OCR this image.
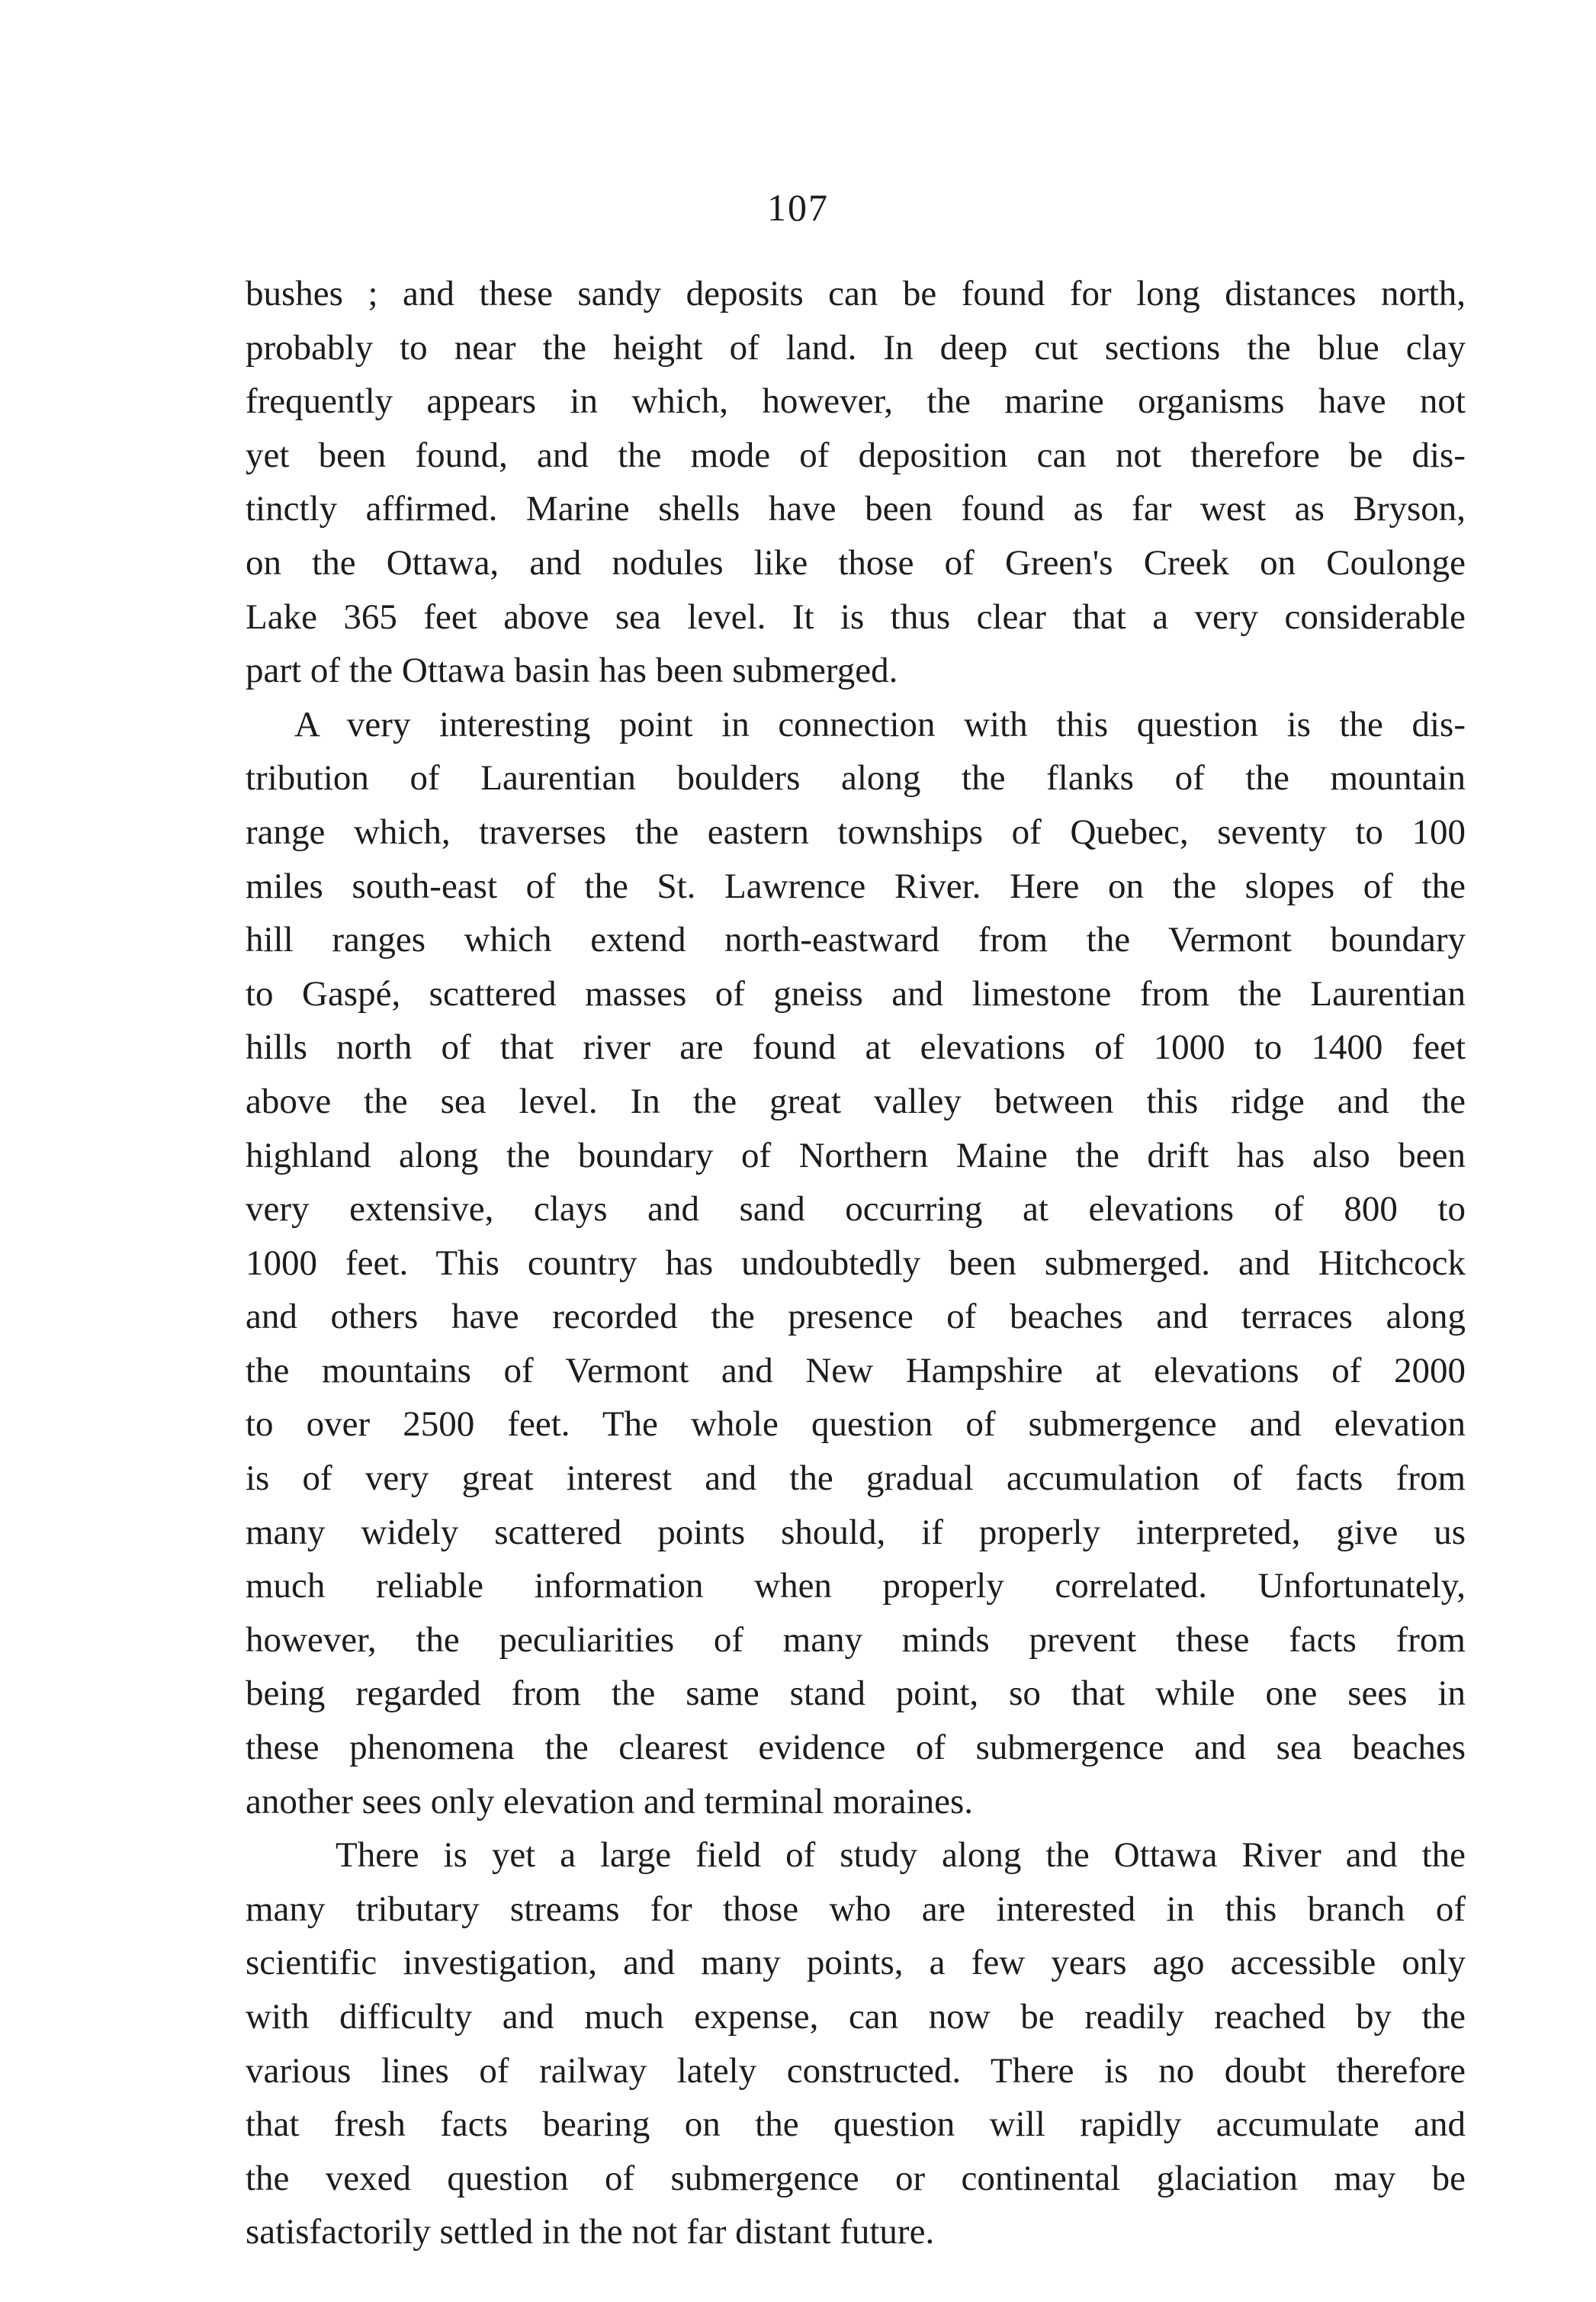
107
bushes ; and these sandy deposits can be found for long distances north,
probably to near the height of land. In deep cut sections the blue clay
frequently appears in which, however, the marine organisms have not
yet been found, and the mode of deposition can not therefore be dis-
tinctly affirmed. Marine shells have been found as far west as Bryson,
on the Ottawa, and nodules like those of Green's Creek on Coulonge
Lake 365 feet above sea level. It is thus clear that a very considerable
part of the Ottawa basin has been submerged.
A very interesting point in connection with this question is the dis-
tribution of Laurentian boulders along the flanks of the mountain
range which, traverses the eastern townships of Quebec, seventy to 100
miles south-east of the St. Lawrence River. Here on the slopes of the
hill ranges which extend north-eastward from the Vermont boundary
to Gaspé, scattered masses of gneiss and limestone from the Laurentian
hills north of that river are found at elevations of 1000 to 1400 feet
above the sea level. In the great valley between this ridge and the
highland along the boundary of Northern Maine the drift has also been
very extensive, clays and sand occurring at elevations of 800 to
1000 feet. This country has undoubtedly been submerged. and Hitchcock
and others have recorded the presence of beaches and terraces along
the mountains of Vermont and New Hampshire at elevations of 2000
to over 2500 feet. The whole question of submergence and elevation
is of very great interest and the gradual accumulation of facts from
many widely scattered points should, if properly interpreted, give us
much reliable information when properly correlated. Unfortunately,
however, the peculiarities of many minds prevent these facts from
being regarded from the same stand point, so that while one sees in
these phenomena the clearest evidence of submergence and sea beaches
another sees only elevation and terminal moraines.
There is yet a large field of study along the Ottawa River and the
many tributary streams for those who are interested in this branch of
scientific investigation, and many points, a few years ago accessible only
with difficulty and much expense, can now be readily reached by the
various lines of railway lately constructed. There is no doubt therefore
that fresh facts bearing on the question will rapidly accumulate and
the vexed question of submergence or continental glaciation may be
satisfactorily settled in the not far distant future.
